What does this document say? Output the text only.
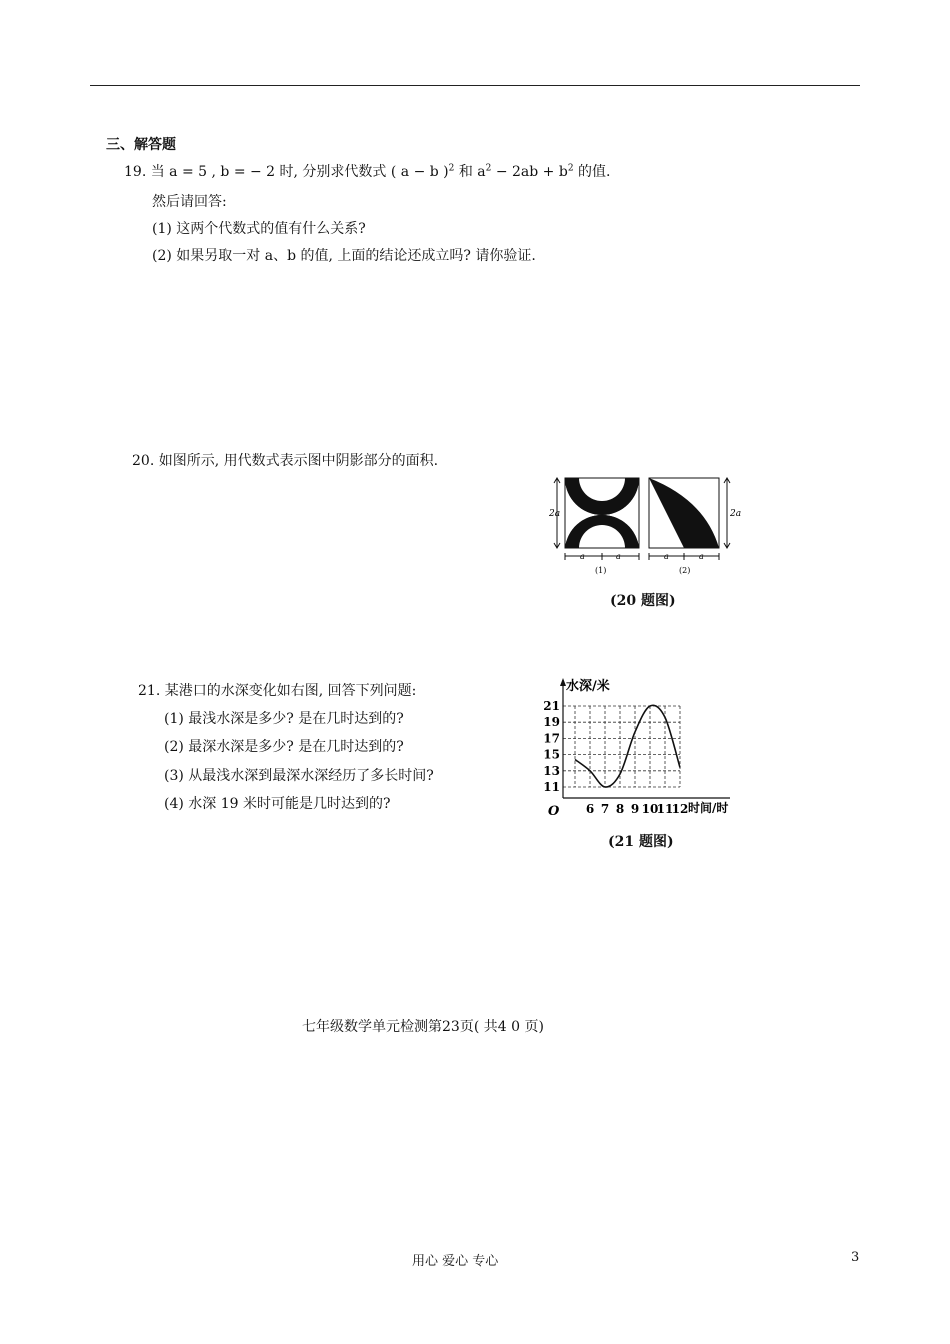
三、解答题
19. 当 a = 5 , b = − 2 时, 分别求代数式 ( a − b )$^2$ 和 $a^2 - 2ab + b^2$ 的值.
然后请回答:
(1) 这两个代数式的值有什么关系?
(2) 如果另取一对 a、b 的值, 上面的结论还成立吗? 请你验证.
20. 如图所示, 用代数式表示图中阴影部分的面积.
2a
a	a
(1)
2a
a	a
(2)
(20 题图)
21. 某港口的水深变化如右图, 回答下列问题:
(1) 最浅水深是多少? 是在几时达到的?
(2) 最深水深是多少? 是在几时达到的?
(3) 从最浅水深到最深水深经历了多长时间?
(4) 水深 19 米时可能是几时达到的?
水深/米
时间/时
O 6 7 8 9 10
11
12
11
13
15
17
19
21
(21 题图)
七年级数学单元检测第23页( 共4 0 页)
用心 爱心 专心	3
